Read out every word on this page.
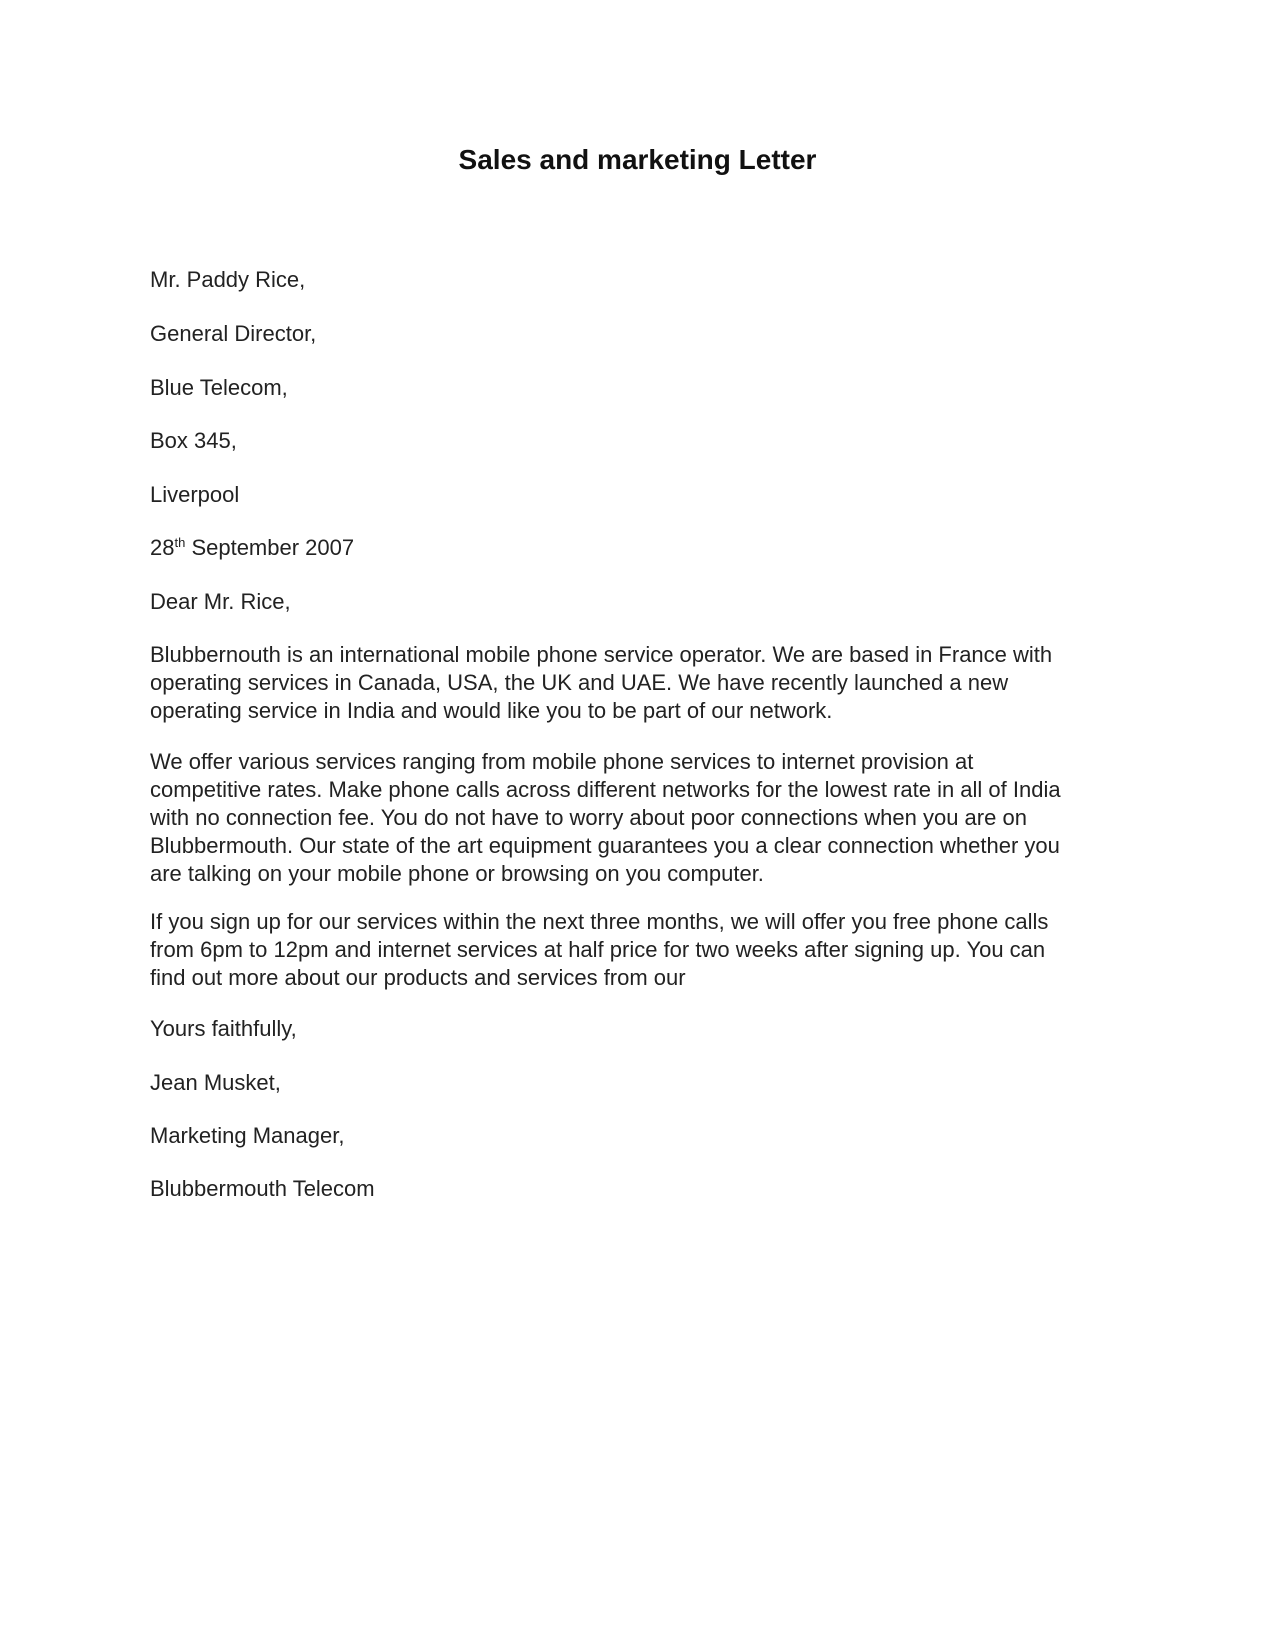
Sales and marketing Letter

Mr. Paddy Rice,

General Director,

Blue Telecom,

Box 345,

Liverpool

28th September 2007

Dear Mr. Rice,

Blubbernouth is an international mobile phone service operator. We are based in France with
operating services in Canada, USA, the UK and UAE. We have recently launched a new
operating service in India and would like you to be part of our network.
We offer various services ranging from mobile phone services to internet provision at
competitive rates. Make phone calls across different networks for the lowest rate in all of India
with no connection fee. You do not have to worry about poor connections when you are on
Blubbermouth. Our state of the art equipment guarantees you a clear connection whether you
are talking on your mobile phone or browsing on you computer.
If you sign up for our services within the next three months, we will offer you free phone calls
from 6pm to 12pm and internet services at half price for two weeks after signing up. You can
find out more about our products and services from our

Yours faithfully,

Jean Musket,

Marketing Manager,

Blubbermouth Telecom
